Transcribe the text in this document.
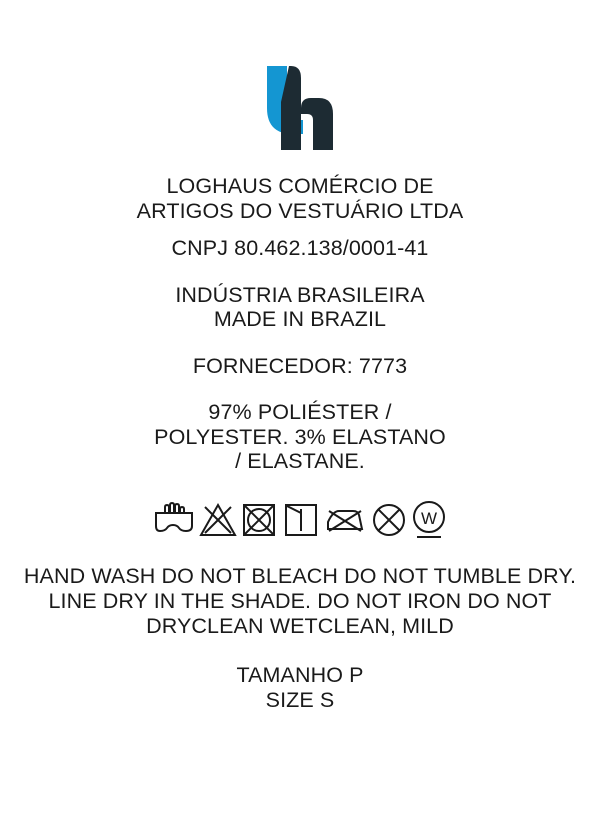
LOGHAUS COMÉRCIO DE ARTIGOS DO VESTUÁRIO LTDA
CNPJ 80.462.138/0001-41
INDÚSTRIA BRASILEIRA
MADE IN BRAZIL
FORNECEDOR: 7773
97% POLIÉSTER / POLYESTER. 3% ELASTANO / ELASTANE.
W
HAND WASH DO NOT BLEACH DO NOT TUMBLE DRY. LINE DRY IN THE SHADE. DO NOT IRON DO NOT DRYCLEAN WETCLEAN, MILD
TAMANHO P
SIZE S
